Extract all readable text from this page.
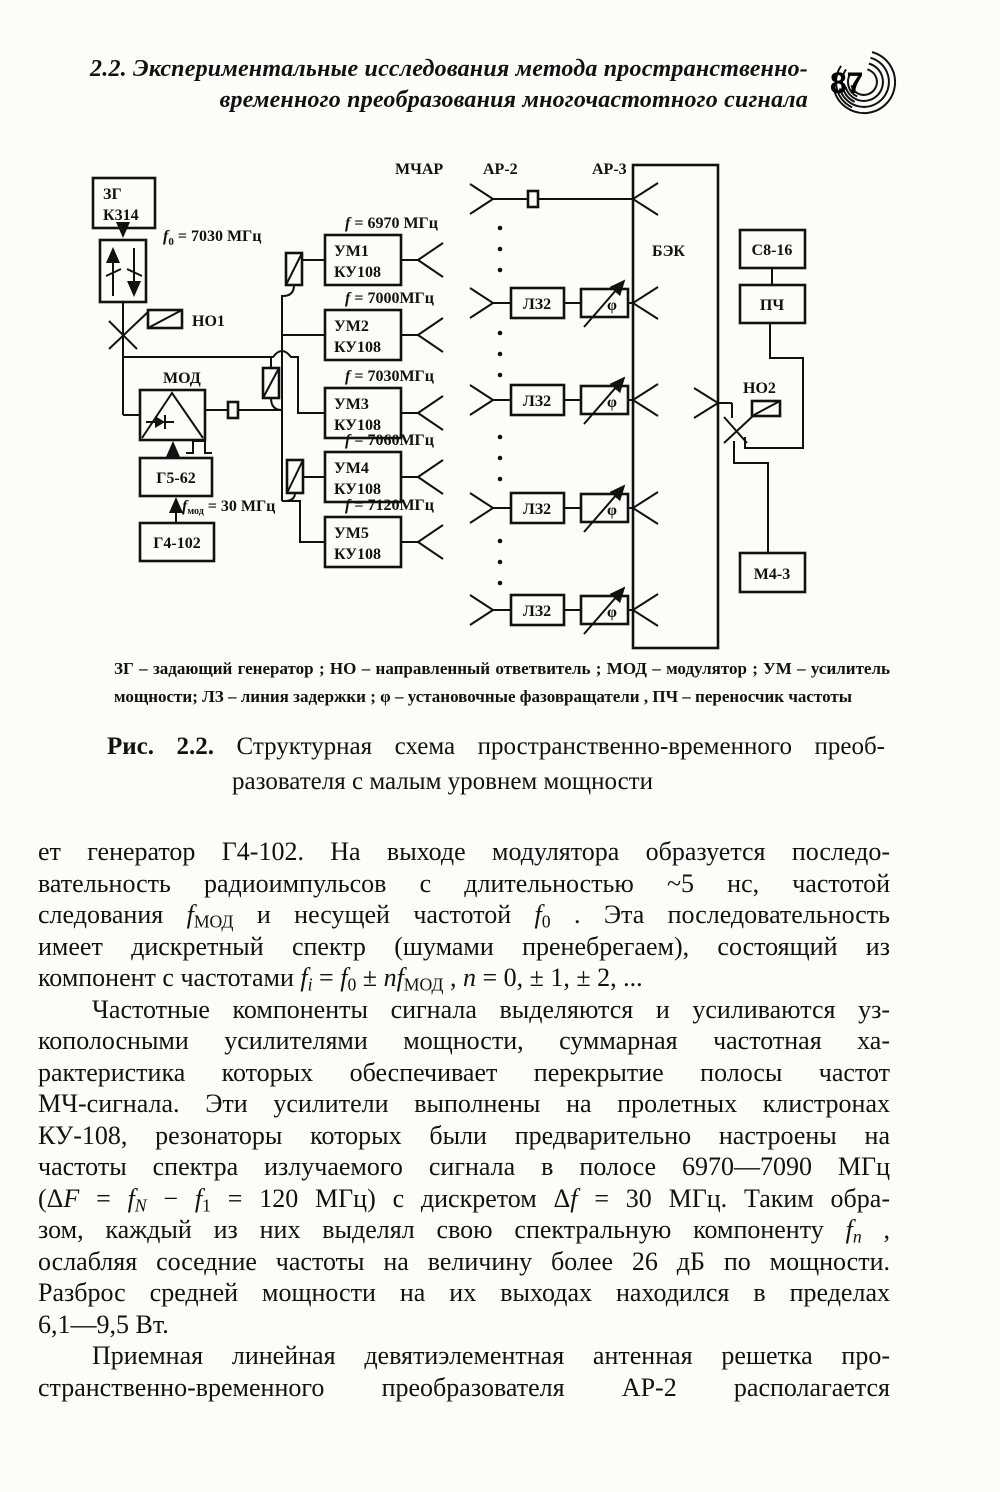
2.2. Экспериментальные исследования метода пространственно-
временного преобразования многочастотного сигнала 87
МЧАР АР-2	АР-3
ЗГ
К314
$f_0 = 7030$ МГц
НО1
МОД
Г5-62
fмод = 30 МГц
Г4-102
f = 6970 МГц
УМ1
КУ108
f = 7000МГц
УМ2
КУ108
f = 7030МГц
УМ3
КУ108
f = 7060МГц
УМ4
КУ108
f = 7120МГц
УМ5
КУ108
ЛЗ2	φ
ЛЗ2	φ
ЛЗ2	φ
ЛЗ2	φ
БЭК	С8-16
ПЧ
НО2
М4-3
ЗГ – задающий генератор ; НО – направленный ответвитель ; МОД – модулятор ; УМ – усилитель
мощности; ЛЗ – линия задержки ; φ – установочные фазовращатели , ПЧ – переносчик частоты
Рис. 2.2. Структурная схема пространственно-временного преоб-
разователя с малым уровнем мощности
ет генератор Г4-102. На выходе модулятора образуется последо-
вательность радиоимпульсов с длительностью ~5 нс, частотой
следования $f_{МОД}$ и несущей частотой $f_0$ . Эта последовательность
имеет дискретный спектр (шумами пренебрегаем), состоящий из
компонент с частотами $f_i = f_0 \pm nf_{МОД}$ , n = 0, ± 1, ± 2, ...
Частотные компоненты сигнала выделяются и усиливаются уз-
кополосными усилителями мощности, суммарная частотная ха-
рактеристика которых обеспечивает перекрытие полосы частот
МЧ-сигнала. Эти усилители выполнены на пролетных клистронах
КУ-108, резонаторы которых были предварительно настроены на
частоты спектра излучаемого сигнала в полосе 6970—7090 МГц
($\Delta F = f_N - f_1 = 120$ МГц) с дискретом Δf = 30 МГц. Таким обра-
зом, каждый из них выделял свою спектральную компоненту $f_n$ ,
ослабляя соседние частоты на величину более 26 дБ по мощности.
Разброс средней мощности на их выходах находился в пределах
6,1—9,5 Вт.
Приемная линейная девятиэлементная антенная решетка про-
странственно-временного преобразователя АР-2 располагается
